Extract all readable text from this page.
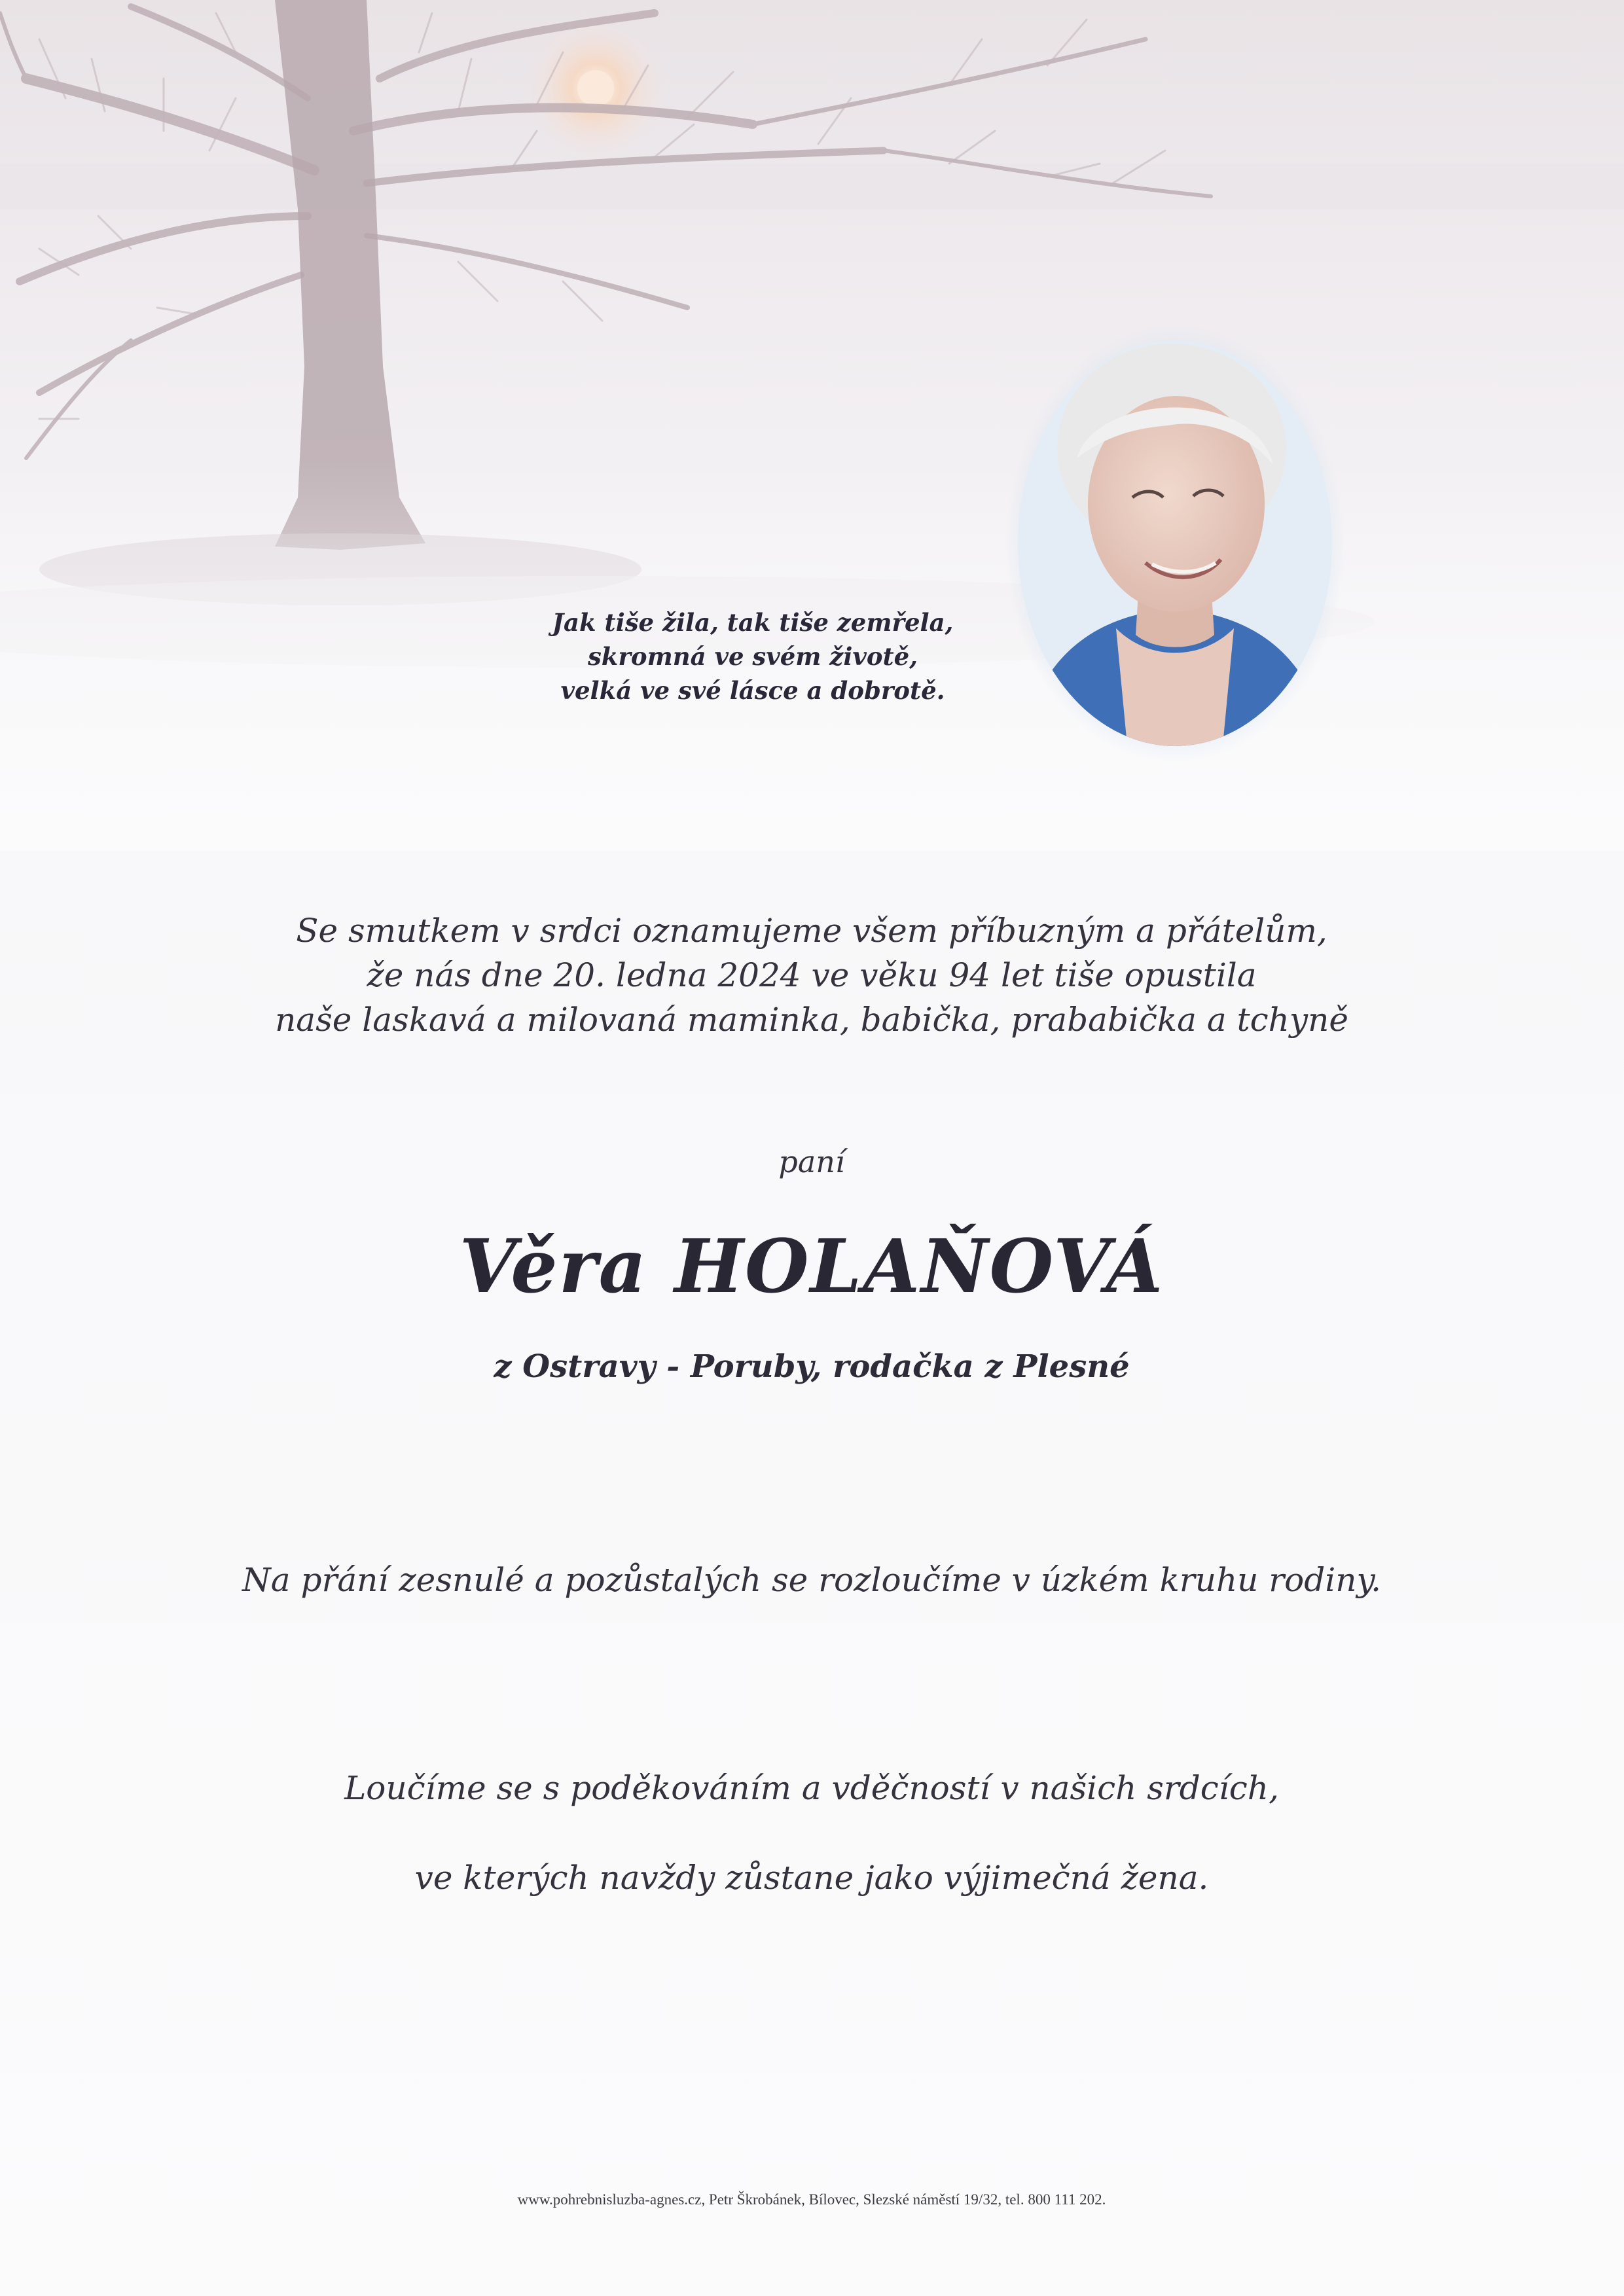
Jak tiše žila, tak tiše zemřela,
skromná ve svém životě,
velká ve své lásce a dobrotě.
Se smutkem v srdci oznamujeme všem příbuzným a přátelům,
že nás dne 20. ledna 2024 ve věku 94 let tiše opustila
naše laskavá a milovaná maminka, babička, prababička a tchyně
paní
Věra HOLAŇOVÁ
z Ostravy - Poruby, rodačka z Plesné
Na přání zesnulé a pozůstalých se rozloučíme v úzkém kruhu rodiny.
Loučíme se s poděkováním a vděčností v našich srdcích,
ve kterých navždy zůstane jako výjimečná žena.
www.pohrebnisluzba-agnes.cz, Petr Škrobánek, Bílovec, Slezské náměstí 19/32, tel. 800 111 202.
